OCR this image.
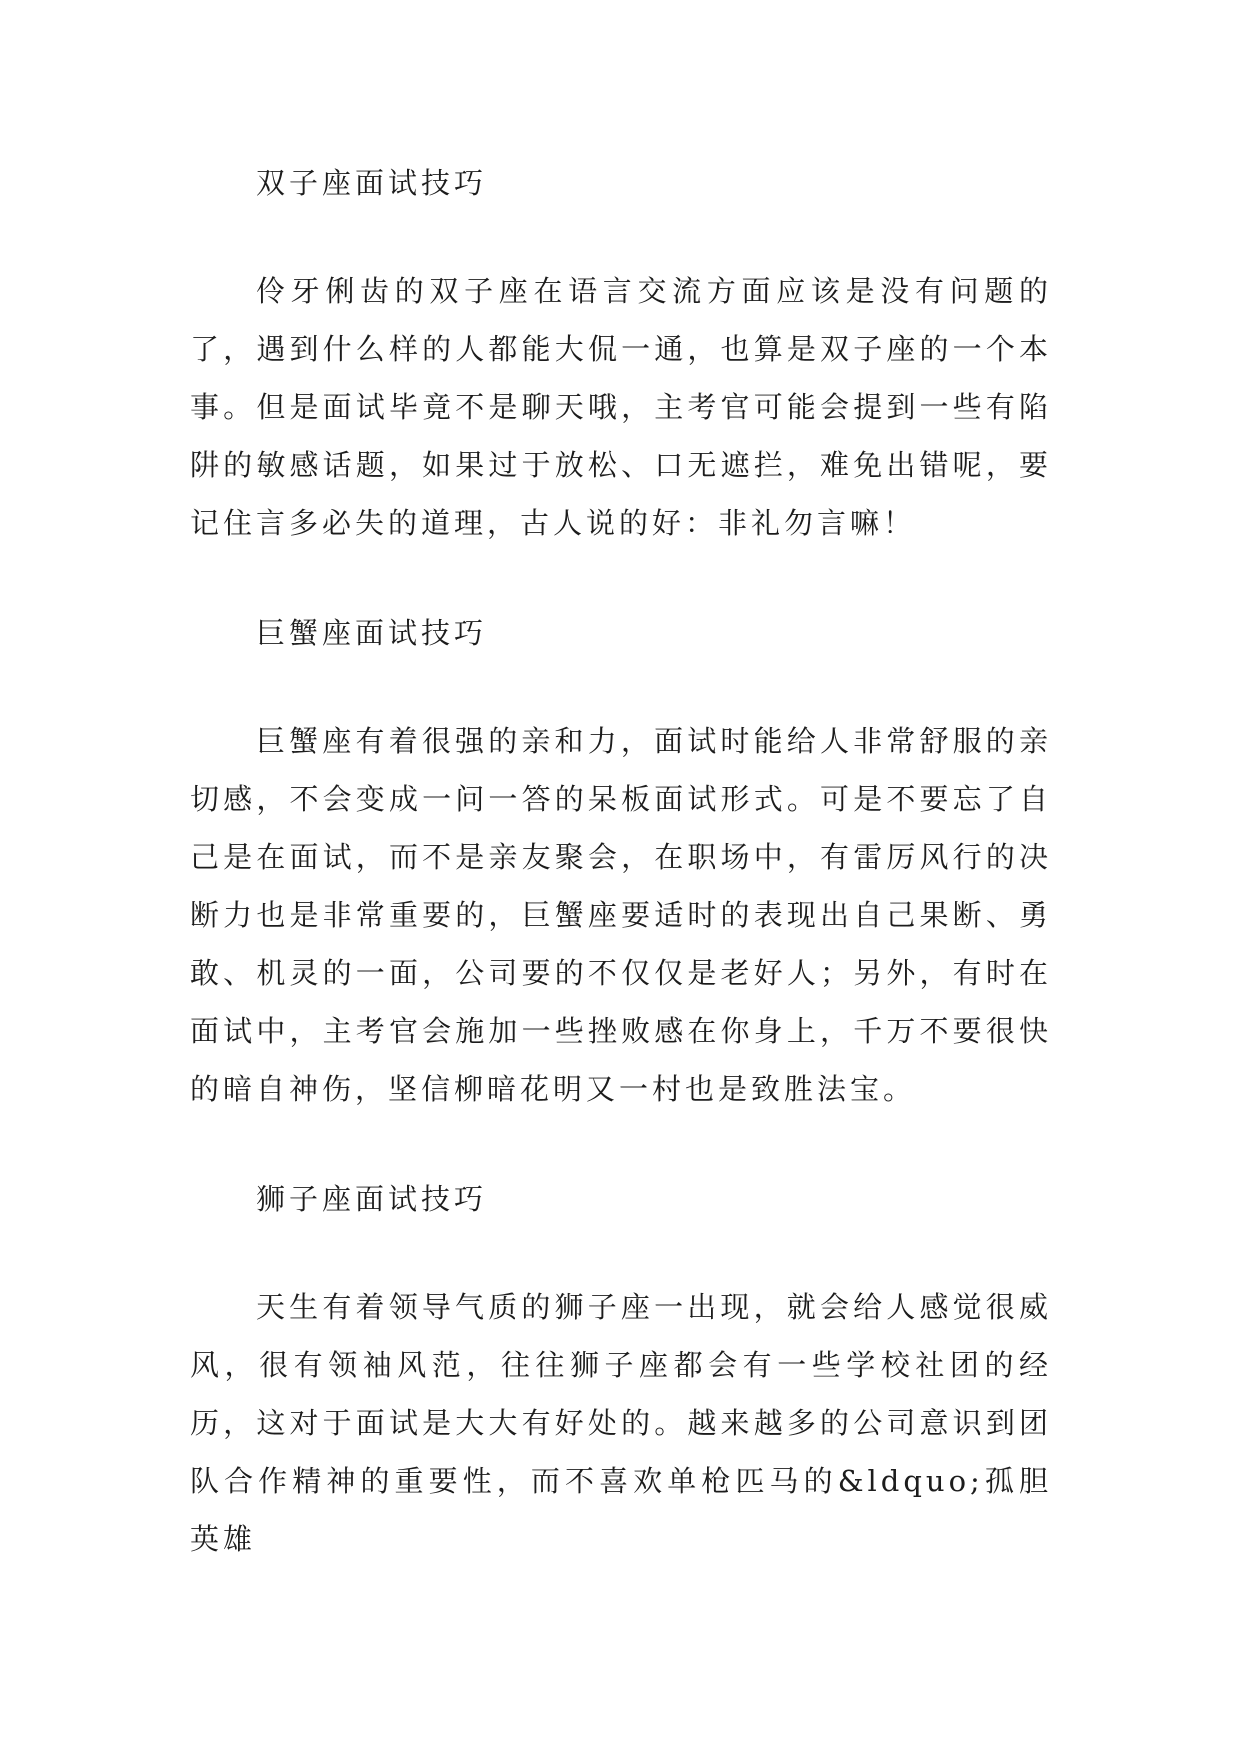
双子座面试技巧

伶牙俐齿的双子座在语言交流方面应该是没有问题的了，遇到什么样的人都能大侃一通，也算是双子座的一个本事。但是面试毕竟不是聊天哦，主考官可能会提到一些有陷阱的敏感话题，如果过于放松、口无遮拦，难免出错呢，要记住言多必失的道理，古人说的好：非礼勿言嘛！

巨蟹座面试技巧

巨蟹座有着很强的亲和力，面试时能给人非常舒服的亲切感，不会变成一问一答的呆板面试形式。可是不要忘了自己是在面试，而不是亲友聚会，在职场中，有雷厉风行的决断力也是非常重要的，巨蟹座要适时的表现出自己果断、勇敢、机灵的一面，公司要的不仅仅是老好人；另外，有时在面试中，主考官会施加一些挫败感在你身上，千万不要很快的暗自神伤，坚信柳暗花明又一村也是致胜法宝。

狮子座面试技巧

天生有着领导气质的狮子座一出现，就会给人感觉很威风，很有领袖风范，往往狮子座都会有一些学校社团的经历，这对于面试是大大有好处的。越来越多的公司意识到团队合作精神的重要性，而不喜欢单枪匹马的&ldquo;孤胆英雄
